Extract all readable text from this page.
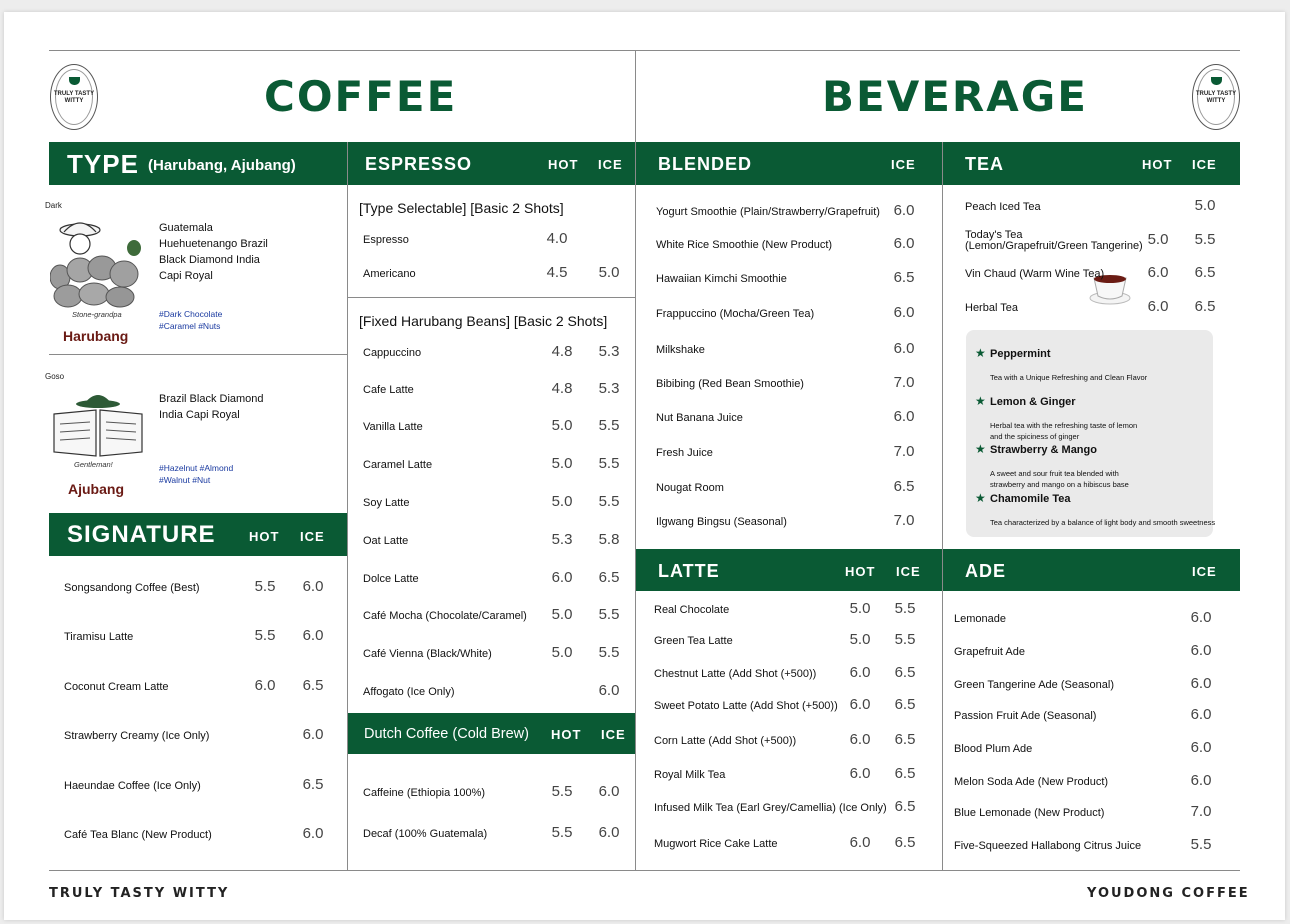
TRULY TASTY WITTY
TRULY TASTY WITTY
COFFEE	BEVERAGE
TYPE (Harubang, Ajubang)	ESPRESSO	HOT ICE BLENDED	ICE	TEA	HOT ICE
SIGNATURE	HOT ICE
Dutch Coffee (Cold Brew) HOT ICE
LATTE	HOT ICE ADE	ICE
Dark
Stone-grandpa
Harubang
Guatemala
Huehuetenango Brazil
Black Diamond India
Capi Royal
#Dark Chocolate
#Caramel #Nuts
Goso
Gentleman!
Ajubang
Brazil Black Diamond
India Capi Royal
#Hazelnut #Almond
#Walnut #Nut
[Type Selectable] [Basic 2 Shots]
[Fixed Harubang Beans] [Basic 2 Shots]
TRULY TASTY WITTY	YOUDONG COFFEE
Songsandong Coffee (Best)	5.5	6.0
Tiramisu Latte	5.5	6.0
Coconut Cream Latte	6.0	6.5
Strawberry Creamy (Ice Only)	6.0
Haeundae Coffee (Ice Only)	6.5
Café Tea Blanc (New Product)	6.0
Espresso	4.0
Americano	4.5	5.0
Cappuccino	4.8	5.3
Cafe Latte	4.8	5.3
Vanilla Latte	5.0	5.5
Caramel Latte	5.0	5.5
Soy Latte	5.0	5.5
Oat Latte	5.3	5.8
Dolce Latte	6.0	6.5
Café Mocha (Chocolate/Caramel)	5.0	5.5
Café Vienna (Black/White)	5.0	5.5
Affogato (Ice Only)	6.0
Caffeine (Ethiopia 100%)	5.5	6.0
Decaf (100% Guatemala)	5.5	6.0
Yogurt Smoothie (Plain/Strawberry/Grapefruit) 6.0
White Rice Smoothie (New Product)	6.0
Hawaiian Kimchi Smoothie	6.5
Frappuccino (Mocha/Green Tea)	6.0
Milkshake	6.0
Bibibing (Red Bean Smoothie)	7.0
Nut Banana Juice	6.0
Fresh Juice	7.0
Nougat Room	6.5
Ilgwang Bingsu (Seasonal)	7.0
Real Chocolate	5.0	5.5
Green Tea Latte	5.0	5.5
Chestnut Latte (Add Shot (+500))	6.0	6.5
Sweet Potato Latte (Add Shot (+500)) 6.0	6.5
Corn Latte (Add Shot (+500))	6.0	6.5
Royal Milk Tea	6.0	6.5
Infused Milk Tea (Earl Grey/Camellia) (Ice Only) 6.5
Mugwort Rice Cake Latte	6.0	6.5
Peach Iced Tea	5.0
Today's Tea
(Lemon/Grapefruit/Green Tangerine) 5.0	5.5
Vin Chaud (Warm Wine Tea)	6.0	6.5
Herbal Tea	6.0	6.5
Lemonade	6.0
Grapefruit Ade	6.0
Green Tangerine Ade (Seasonal)	6.0
Passion Fruit Ade (Seasonal)	6.0
Blood Plum Ade	6.0
Melon Soda Ade (New Product)	6.0
Blue Lemonade (New Product)	7.0
Five-Squeezed Hallabong Citrus Juice	5.5
★ Peppermint
Tea with a Unique Refreshing and Clean Flavor
★ Lemon & Ginger
Herbal tea with the refreshing taste of lemon
and the spiciness of ginger
★ Strawberry & Mango
A sweet and sour fruit tea blended with
strawberry and mango on a hibiscus base
★ Chamomile Tea
Tea characterized by a balance of light body and smooth sweetness
